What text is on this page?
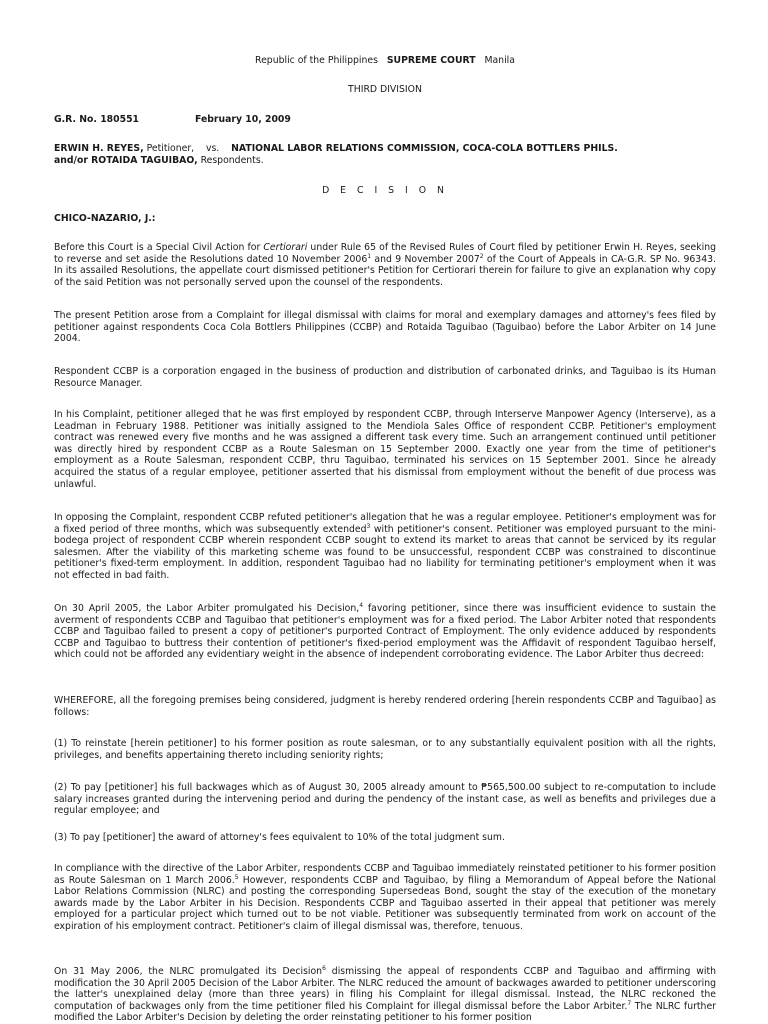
Republic of the Philippines SUPREME COURT Manila
THIRD DIVISION
G.R. No. 180551	February 10, 2009
ERWIN H. REYES, Petitioner, vs. NATIONAL LABOR RELATIONS COMMISSION, COCA-COLA BOTTLERS PHILS.
and/or ROTAIDA TAGUIBAO, Respondents.
D E C I S I O N
CHICO-NAZARIO, J.:

Before this Court is a Special Civil Action for Certiorari under Rule 65 of the Revised Rules of Court filed by petitioner Erwin H. Reyes, seeking to reverse and set aside the Resolutions dated 10 November 2006$^1$ and 9 November 2007$^2$ of the Court of Appeals in CA-G.R. SP No. 96343. In its assailed Resolutions, the appellate court dismissed petitioner's Petition for Certiorari therein for failure to give an explanation why copy of the said Petition was not personally served upon the counsel of the respondents.

The present Petition arose from a Complaint for illegal dismissal with claims for moral and exemplary damages and attorney's fees filed by petitioner against respondents Coca Cola Bottlers Philippines (CCBP) and Rotaida Taguibao (Taguibao) before the Labor Arbiter on 14 June 2004.

Respondent CCBP is a corporation engaged in the business of production and distribution of carbonated drinks, and Taguibao is its Human Resource Manager.

In his Complaint, petitioner alleged that he was first employed by respondent CCBP, through Interserve Manpower Agency (Interserve), as a Leadman in February 1988. Petitioner was initially assigned to the Mendiola Sales Office of respondent CCBP. Petitioner's employment contract was renewed every five months and he was assigned a different task every time. Such an arrangement continued until petitioner was directly hired by respondent CCBP as a Route Salesman on 15 September 2000. Exactly one year from the time of petitioner's employment as a Route Salesman, respondent CCBP, thru Taguibao, terminated his services on 15 September 2001. Since he already acquired the status of a regular employee, petitioner asserted that his dismissal from employment without the benefit of due process was unlawful.

In opposing the Complaint, respondent CCBP refuted petitioner's allegation that he was a regular employee. Petitioner's employment was for a fixed period of three months, which was subsequently extended$^3$ with petitioner's consent. Petitioner was employed pursuant to the mini-bodega project of respondent CCBP wherein respondent CCBP sought to extend its market to areas that cannot be serviced by its regular salesmen. After the viability of this marketing scheme was found to be unsuccessful, respondent CCBP was constrained to discontinue petitioner's fixed-term employment. In addition, respondent Taguibao had no liability for terminating petitioner's employment when it was not effected in bad faith.

On 30 April 2005, the Labor Arbiter promulgated his Decision,$^4$ favoring petitioner, since there was insufficient evidence to sustain the averment of respondents CCBP and Taguibao that petitioner's employment was for a fixed period. The Labor Arbiter noted that respondents CCBP and Taguibao failed to present a copy of petitioner's purported Contract of Employment. The only evidence adduced by respondents CCBP and Taguibao to buttress their contention of petitioner's fixed-period employment was the Affidavit of respondent Taguibao herself, which could not be afforded any evidentiary weight in the absence of independent corroborating evidence. The Labor Arbiter thus decreed:

WHEREFORE, all the foregoing premises being considered, judgment is hereby rendered ordering [herein respondents CCBP and Taguibao] as follows:

(1) To reinstate [herein petitioner] to his former position as route salesman, or to any substantially equivalent position with all the rights, privileges, and benefits appertaining thereto including seniority rights;

(2) To pay [petitioner] his full backwages which as of August 30, 2005 already amount to ₱565,500.00 subject to re-computation to include salary increases granted during the intervening period and during the pendency of the instant case, as well as benefits and privileges due a regular employee; and

(3) To pay [petitioner] the award of attorney's fees equivalent to 10% of the total judgment sum.

In compliance with the directive of the Labor Arbiter, respondents CCBP and Taguibao immediately reinstated petitioner to his former position as Route Salesman on 1 March 2006.$^5$ However, respondents CCBP and Taguibao, by filing a Memorandum of Appeal before the National Labor Relations Commission (NLRC) and posting the corresponding Supersedeas Bond, sought the stay of the execution of the monetary awards made by the Labor Arbiter in his Decision. Respondents CCBP and Taguibao asserted in their appeal that petitioner was merely employed for a particular project which turned out to be not viable. Petitioner was subsequently terminated from work on account of the expiration of his employment contract. Petitioner's claim of illegal dismissal was, therefore, tenuous.

On 31 May 2006, the NLRC promulgated its Decision$^6$ dismissing the appeal of respondents CCBP and Taguibao and affirming with modification the 30 April 2005 Decision of the Labor Arbiter. The NLRC reduced the amount of backwages awarded to petitioner underscoring the latter's unexplained delay (more than three years) in filing his Complaint for illegal dismissal. Instead, the NLRC reckoned the computation of backwages only from the time petitioner filed his Complaint for illegal dismissal before the Labor Arbiter.$^7$ The NLRC further modified the Labor Arbiter's Decision by deleting the order reinstating petitioner to his former position
